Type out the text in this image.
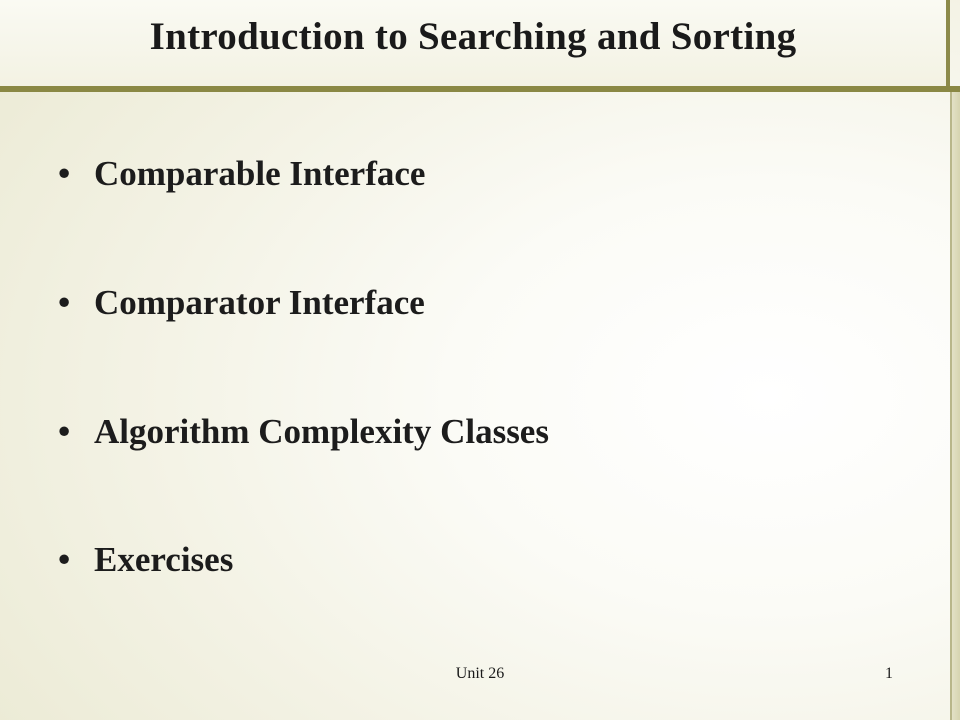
Introduction to Searching and Sorting
• Comparable Interface
• Comparator Interface
• Algorithm Complexity Classes
• Exercises
Unit 26	1
